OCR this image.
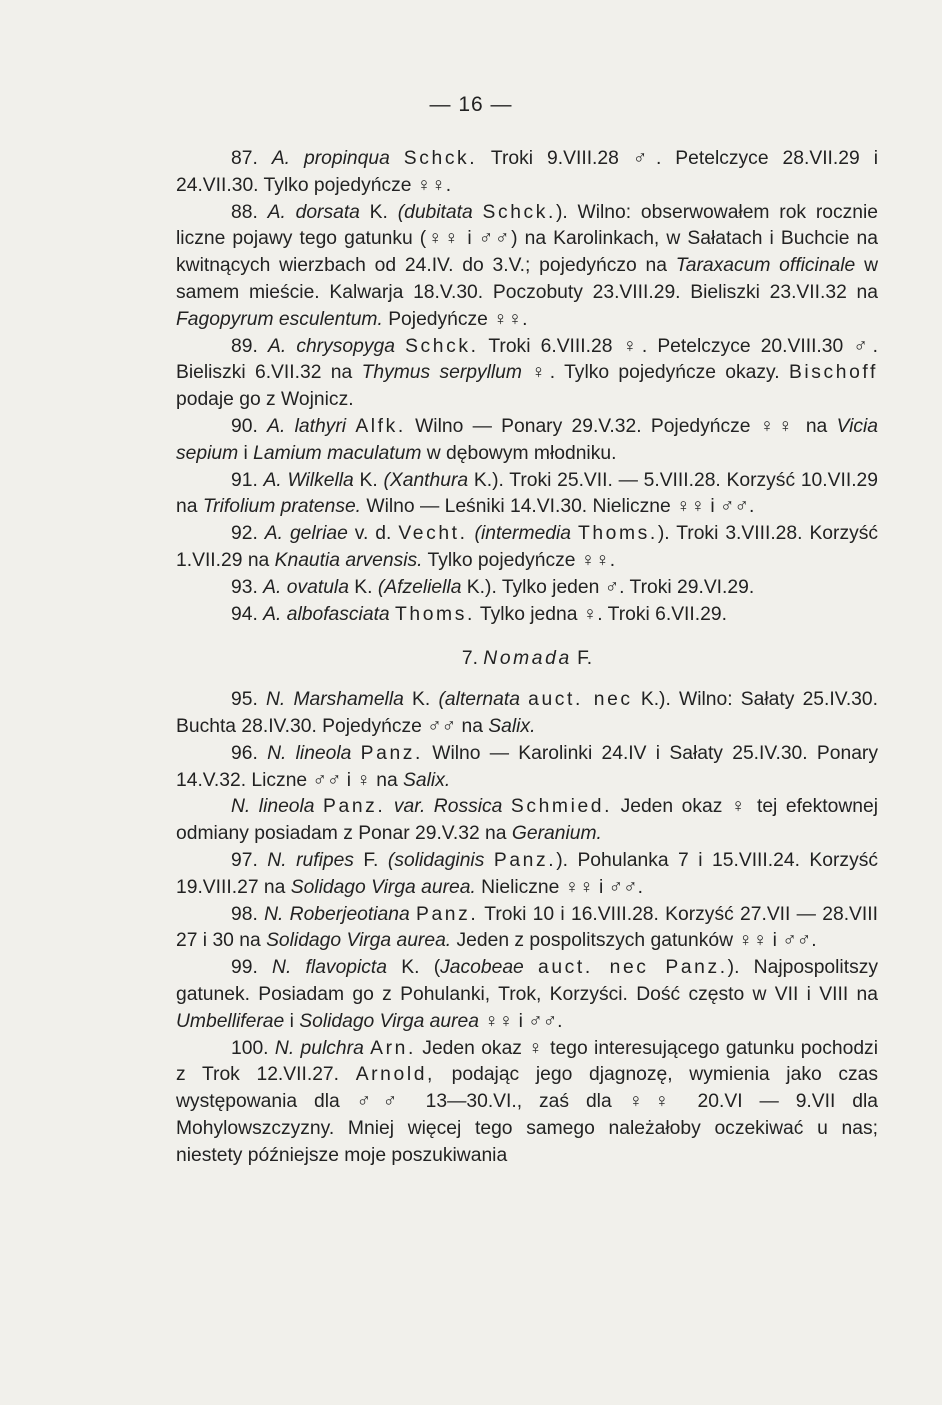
— 16 —

87. A. propinqua Schck. Troki 9.VIII.28 ♂. Petelczyce 28.VII.29 i 24.VII.30. Tylko pojedyńcze ♀♀.

88. A. dorsata K. (dubitata Schck.). Wilno: obserwowałem rok rocznie liczne pojawy tego gatunku (♀♀ i ♂♂) na Karolinkach, w Sałatach i Buchcie na kwitnących wierzbach od 24.IV. do 3.V.; pojedyńczo na Taraxacum officinale w samem mieście. Kalwarja 18.V.30. Poczobuty 23.VIII.29. Bieliszki 23.VII.32 na Fagopyrum esculentum. Pojedyńcze ♀♀.

89. A. chrysopyga Schck. Troki 6.VIII.28 ♀. Petelczyce 20.VIII.30 ♂. Bieliszki 6.VII.32 na Thymus serpyllum ♀. Tylko pojedyńcze okazy. Bischoff podaje go z Wojnicz.

90. A. lathyri Alfk. Wilno — Ponary 29.V.32. Pojedyńcze ♀♀ na Vicia sepium i Lamium maculatum w dębowym młodniku.

91. A. Wilkella K. (Xanthura K.). Troki 25.VII. — 5.VIII.28. Korzyść 10.VII.29 na Trifolium pratense. Wilno — Leśniki 14.VI.30. Nieliczne ♀♀ i ♂♂.

92. A. gelriae v. d. Vecht. (intermedia Thoms.). Troki 3.VIII.28. Korzyść 1.VII.29 na Knautia arvensis. Tylko pojedyńcze ♀♀.

93. A. ovatula K. (Afzeliella K.). Tylko jeden ♂. Troki 29.VI.29.

94. A. albofasciata Thoms. Tylko jedna ♀. Troki 6.VII.29.

7. Nomada F.

95. N. Marshamella K. (alternata auct. nec K.). Wilno: Sałaty 25.IV.30. Buchta 28.IV.30. Pojedyńcze ♂♂ na Salix.

96. N. lineola Panz. Wilno — Karolinki 24.IV i Sałaty 25.IV.30. Ponary 14.V.32. Liczne ♂♂ i ♀ na Salix.

N. lineola Panz. var. Rossica Schmied. Jeden okaz ♀ tej efektownej odmiany posiadam z Ponar 29.V.32 na Geranium.

97. N. rufipes F. (solidaginis Panz.). Pohulanka 7 i 15.VIII.24. Korzyść 19.VIII.27 na Solidago Virga aurea. Nieliczne ♀♀ i ♂♂.

98. N. Roberjeotiana Panz. Troki 10 i 16.VIII.28. Korzyść 27.VII — 28.VIII 27 i 30 na Solidago Virga aurea. Jeden z pospolitszych gatunków ♀♀ i ♂♂.

99. N. flavopicta K. (Jacobeae auct. nec Panz.). Najpospolitszy gatunek. Posiadam go z Pohulanki, Trok, Korzyści. Dość często w VII i VIII na Umbelliferae i Solidago Virga aurea ♀♀ i ♂♂.

100. N. pulchra Arn. Jeden okaz ♀ tego interesującego gatunku pochodzi z Trok 12.VII.27. Arnold, podając jego djagnozę, wymienia jako czas występowania dla ♂♂ 13—30.VI., zaś dla ♀♀ 20.VI — 9.VII dla Mohylowszczyzny. Mniej więcej tego samego należałoby oczekiwać u nas; niestety późniejsze moje poszukiwania
